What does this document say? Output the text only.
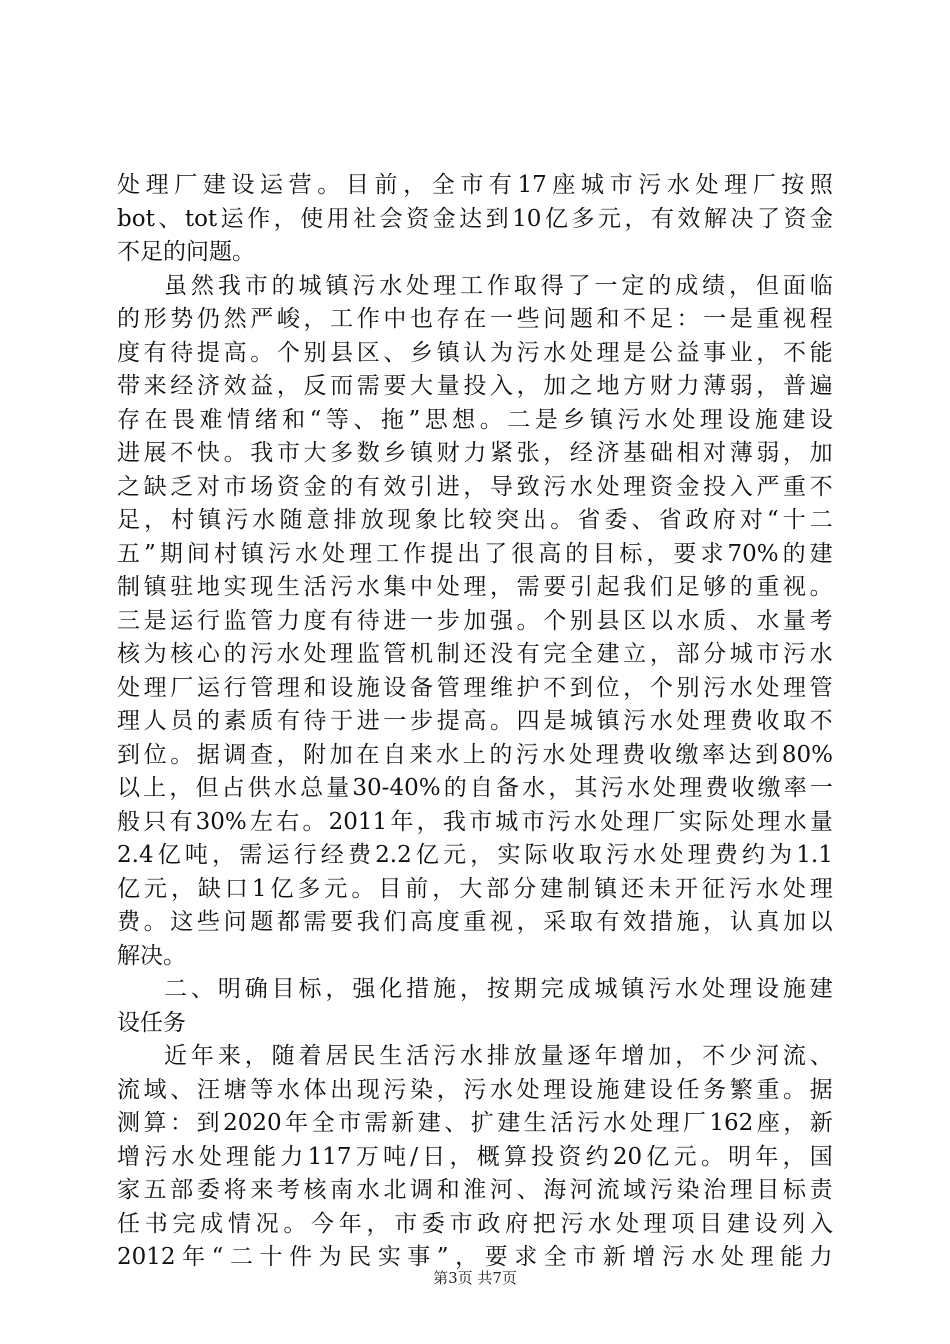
处 理 厂 建 设 运 营 。 目 前 ， 全 市 有 17 座 城 市 污 水 处 理 厂 按 照
bot 、 tot 运 作 ， 使 用 社 会 资 金 达 到 10 亿 多 元 ， 有 效 解 决 了 资 金
不足的问题。
虽 然 我 市 的 城 镇 污 水 处 理 工 作 取 得 了 一 定 的 成 绩 ， 但 面 临
的 形 势 仍 然 严 峻 ， 工 作 中 也 存 在 一 些 问 题 和 不 足 ： 一 是 重 视 程
度 有 待 提 高 。 个 别 县 区 、 乡 镇 认 为 污 水 处 理 是 公 益 事 业 ， 不 能
带 来 经 济 效 益 ， 反 而 需 要 大 量 投 入 ， 加 之 地 方 财 力 薄 弱 ， 普 遍
存 在 畏 难 情 绪 和 “ 等 、 拖 ” 思 想 。 二 是 乡 镇 污 水 处 理 设 施 建 设
进 展 不 快 。 我 市 大 多 数 乡 镇 财 力 紧 张 ， 经 济 基 础 相 对 薄 弱 ， 加
之 缺 乏 对 市 场 资 金 的 有 效 引 进 ， 导 致 污 水 处 理 资 金 投 入 严 重 不
足 ， 村 镇 污 水 随 意 排 放 现 象 比 较 突 出 。 省 委 、 省 政 府 对 “ 十 二
五 ” 期 间 村 镇 污 水 处 理 工 作 提 出 了 很 高 的 目 标 ， 要 求 70% 的 建
制 镇 驻 地 实 现 生 活 污 水 集 中 处 理 ， 需 要 引 起 我 们 足 够 的 重 视 。
三 是 运 行 监 管 力 度 有 待 进 一 步 加 强 。 个 别 县 区 以 水 质 、 水 量 考
核 为 核 心 的 污 水 处 理 监 管 机 制 还 没 有 完 全 建 立 ， 部 分 城 市 污 水
处 理 厂 运 行 管 理 和 设 施 设 备 管 理 维 护 不 到 位 ， 个 别 污 水 处 理 管
理 人 员 的 素 质 有 待 于 进 一 步 提 高 。 四 是 城 镇 污 水 处 理 费 收 取 不
到 位 。 据 调 查 ， 附 加 在 自 来 水 上 的 污 水 处 理 费 收 缴 率 达 到 80%
以 上 ， 但 占 供 水 总 量 30-40% 的 自 备 水 ， 其 污 水 处 理 费 收 缴 率 一
般 只 有 30% 左 右 。 2011 年 ， 我 市 城 市 污 水 处 理 厂 实 际 处 理 水 量
2.4 亿 吨 ， 需 运 行 经 费 2.2 亿 元 ， 实 际 收 取 污 水 处 理 费 约 为 1.1
亿 元 ， 缺 口 1 亿 多 元 。 目 前 ， 大 部 分 建 制 镇 还 未 开 征 污 水 处 理
费 。 这 些 问 题 都 需 要 我 们 高 度 重 视 ， 采 取 有 效 措 施 ， 认 真 加 以
解决。
二 、 明 确 目 标 ， 强 化 措 施 ， 按 期 完 成 城 镇 污 水 处 理 设 施 建
设任务
近 年 来 ， 随 着 居 民 生 活 污 水 排 放 量 逐 年 增 加 ， 不 少 河 流 、
流 域 、 汪 塘 等 水 体 出 现 污 染 ， 污 水 处 理 设 施 建 设 任 务 繁 重 。 据
测 算 ： 到 2020 年 全 市 需 新 建 、 扩 建 生 活 污 水 处 理 厂 162 座 ， 新
增 污 水 处 理 能 力 117 万 吨 / 日 ， 概 算 投 资 约 20 亿 元 。 明 年 ， 国
家 五 部 委 将 来 考 核 南 水 北 调 和 淮 河 、 海 河 流 域 污 染 治 理 目 标 责
任 书 完 成 情 况 。 今 年 ， 市 委 市 政 府 把 污 水 处 理 项 目 建 设 列 入
2012 年 “ 二 十 件 为 民 实 事 ” ， 要 求 全 市 新 增 污 水 处 理 能 力
第3页 共7页
